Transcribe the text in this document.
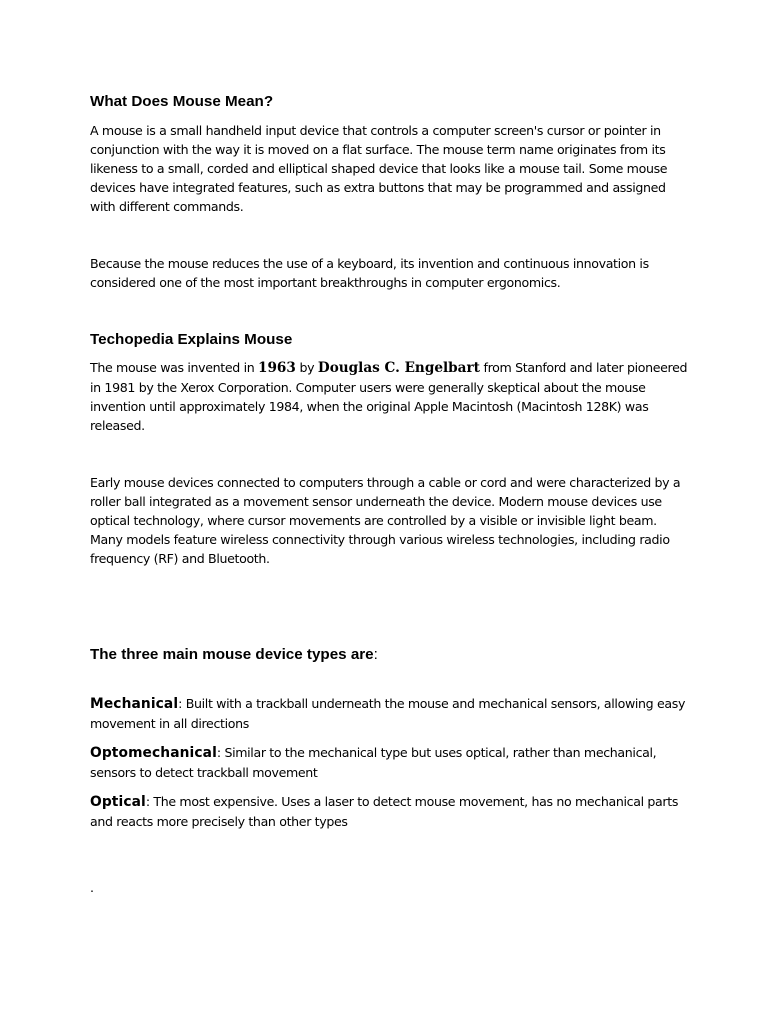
What Does Mouse Mean?

A mouse is a small handheld input device that controls a computer screen's cursor or pointer in conjunction with the way it is moved on a flat surface. The mouse term name originates from its likeness to a small, corded and elliptical shaped device that looks like a mouse tail. Some mouse devices have integrated features, such as extra buttons that may be programmed and assigned with different commands.

Because the mouse reduces the use of a keyboard, its invention and continuous innovation is considered one of the most important breakthroughs in computer ergonomics.

Techopedia Explains Mouse

The mouse was invented in 1963 by Douglas C. Engelbart from Stanford and later pioneered in 1981 by the Xerox Corporation. Computer users were generally skeptical about the mouse invention until approximately 1984, when the original Apple Macintosh (Macintosh 128K) was released.

Early mouse devices connected to computers through a cable or cord and were characterized by a roller ball integrated as a movement sensor underneath the device. Modern mouse devices use optical technology, where cursor movements are controlled by a visible or invisible light beam. Many models feature wireless connectivity through various wireless technologies, including radio frequency (RF) and Bluetooth.

The three main mouse device types are:

Mechanical: Built with a trackball underneath the mouse and mechanical sensors, allowing easy movement in all directions

Optomechanical: Similar to the mechanical type but uses optical, rather than mechanical, sensors to detect trackball movement

Optical: The most expensive. Uses a laser to detect mouse movement, has no mechanical parts and reacts more precisely than other types

.
